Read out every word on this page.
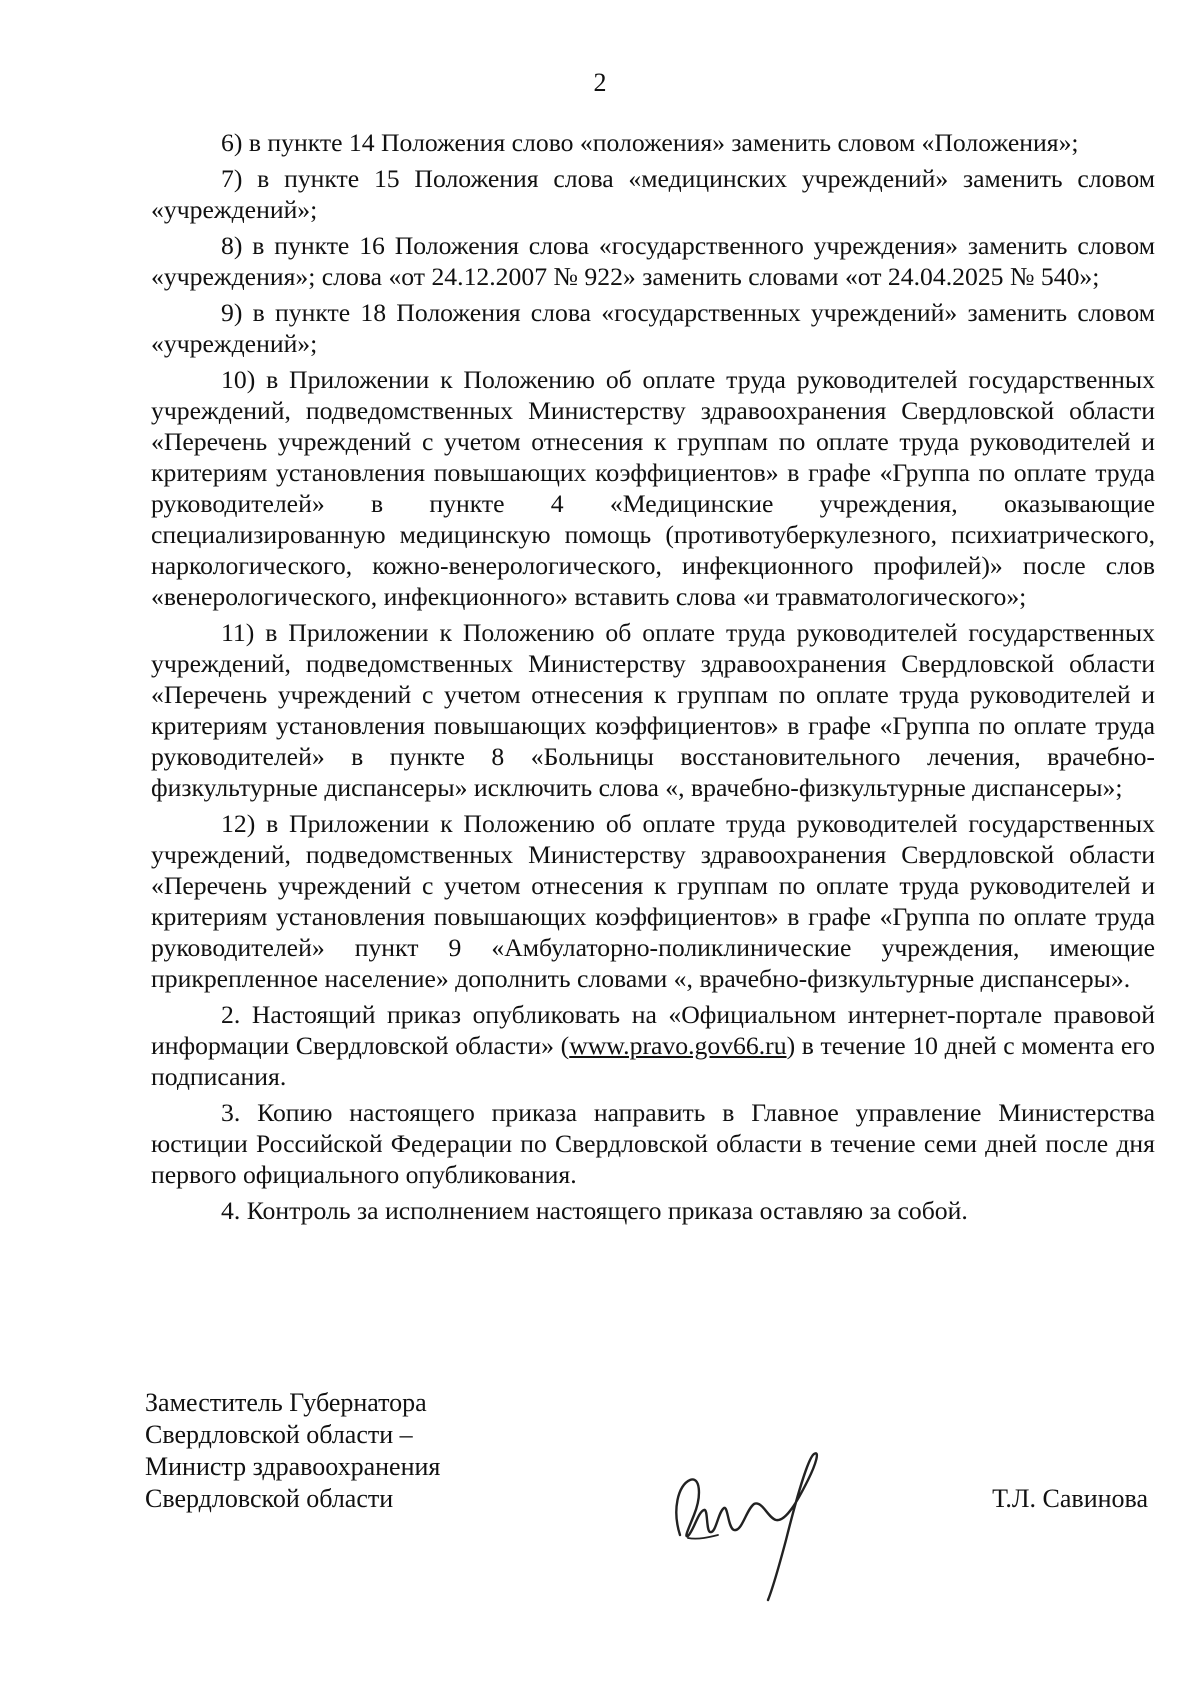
2

6) в пункте 14 Положения слово «положения» заменить словом «Положения»;

7) в пункте 15 Положения слова «медицинских учреждений» заменить словом «учреждений»;

8) в пункте 16 Положения слова «государственного учреждения» заменить словом «учреждения»; слова «от 24.12.2007 № 922» заменить словами «от 24.04.2025 № 540»;

9) в пункте 18 Положения слова «государственных учреждений» заменить словом «учреждений»;

10) в Приложении к Положению об оплате труда руководителей государственных учреждений, подведомственных Министерству здравоохранения Свердловской области «Перечень учреждений с учетом отнесения к группам по оплате труда руководителей и критериям установления повышающих коэффициентов» в графе «Группа по оплате труда руководителей» в пункте 4 «Медицинские учреждения, оказывающие специализированную медицинскую помощь (противотуберкулезного, психиатрического, наркологического, кожно-венерологического, инфекционного профилей)» после слов «венерологического, инфекционного» вставить слова «и травматологического»;

11) в Приложении к Положению об оплате труда руководителей государственных учреждений, подведомственных Министерству здравоохранения Свердловской области «Перечень учреждений с учетом отнесения к группам по оплате труда руководителей и критериям установления повышающих коэффициентов» в графе «Группа по оплате труда руководителей» в пункте 8 «Больницы восстановительного лечения, врачебно-физкультурные диспансеры» исключить слова «, врачебно-физкультурные диспансеры»;

12) в Приложении к Положению об оплате труда руководителей государственных учреждений, подведомственных Министерству здравоохранения Свердловской области «Перечень учреждений с учетом отнесения к группам по оплате труда руководителей и критериям установления повышающих коэффициентов» в графе «Группа по оплате труда руководителей» пункт 9 «Амбулаторно-поликлинические учреждения, имеющие прикрепленное население» дополнить словами «, врачебно-физкультурные диспансеры».

2. Настоящий приказ опубликовать на «Официальном интернет-портале правовой информации Свердловской области» (www.pravo.gov66.ru) в течение 10 дней с момента его подписания.

3. Копию настоящего приказа направить в Главное управление Министерства юстиции Российской Федерации по Свердловской области в течение семи дней после дня первого официального опубликования.

4. Контроль за исполнением настоящего приказа оставляю за собой.

Заместитель Губернатора
Свердловской области –
Министр здравоохранения
Свердловской области	Т.Л. Савинова
